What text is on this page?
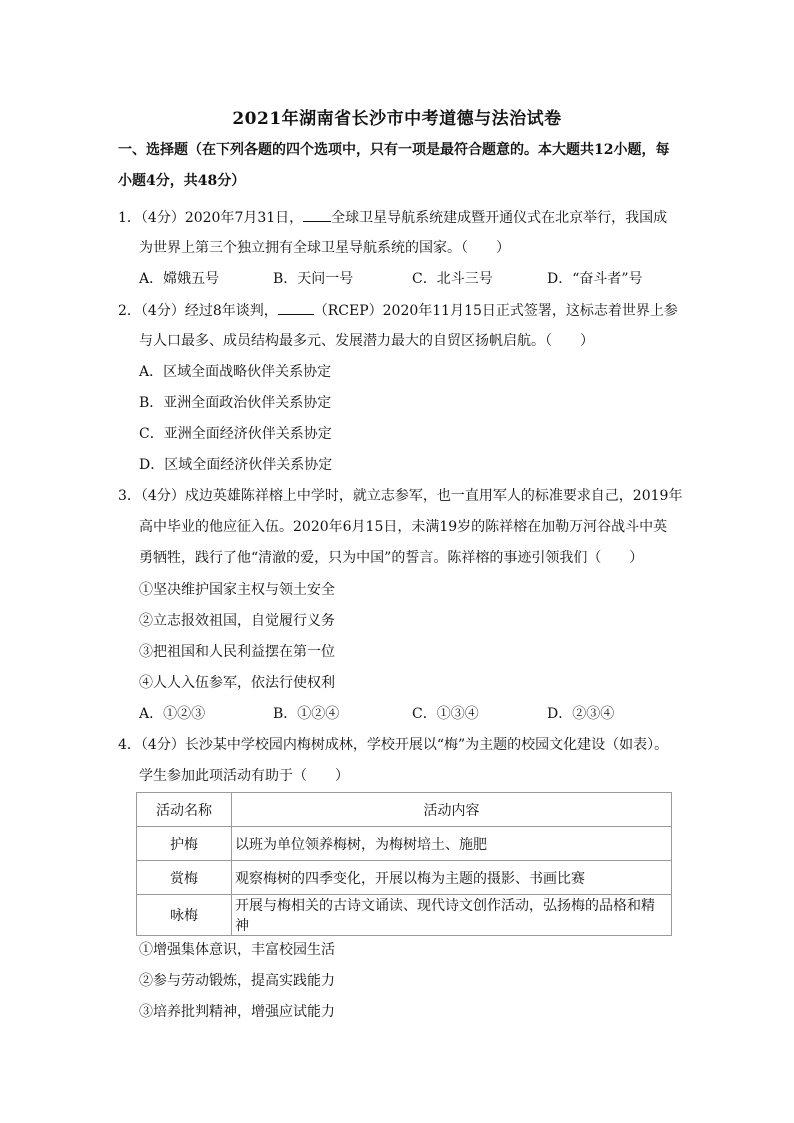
2021年湖南省长沙市中考道德与法治试卷
一、选择题（在下列各题的四个选项中，只有一项是最符合题意的。本大题共12小题，每
小题4分，共48分）
1．（4分）2020年7月31日， 全球卫星导航系统建成暨开通仪式在北京举行，我国成
为世界上第三个独立拥有全球卫星导航系统的国家。（　　）
A．嫦娥五号	B．天问一号	C．北斗三号	D．“奋斗者”号
2．（4分）经过8年谈判，	（RCEP）2020年11月15日正式签署，这标志着世界上参
与人口最多、成员结构最多元、发展潜力最大的自贸区扬帆启航。（　　）
A．区域全面战略伙伴关系协定
B．亚洲全面政治伙伴关系协定
C．亚洲全面经济伙伴关系协定
D．区域全面经济伙伴关系协定
3．（4分）戍边英雄陈祥榕上中学时，就立志参军，也一直用军人的标准要求自己，2019年
高中毕业的他应征入伍。2020年6月15日，未满19岁的陈祥榕在加勒万河谷战斗中英
勇牺牲，践行了他“清澈的爱，只为中国”的誓言。陈祥榕的事迹引领我们（　　）
①坚决维护国家主权与领土安全
②立志报效祖国，自觉履行义务
③把祖国和人民利益摆在第一位
④人人入伍参军，依法行使权利
A．①②③	B．①②④	C．①③④	D．②③④
4．（4分）长沙某中学校园内梅树成林，学校开展以“梅”为主题的校园文化建设（如表）。
学生参加此项活动有助于（　　）
活动名称	活动内容
护梅	以班为单位领养梅树，为梅树培土、施肥
赏梅	观察梅树的四季变化，开展以梅为主题的摄影、书画比赛
咏梅	开展与梅相关的古诗文诵读、现代诗文创作活动，弘扬梅的品格和精神
①增强集体意识，丰富校园生活
②参与劳动锻炼，提高实践能力
③培养批判精神，增强应试能力
